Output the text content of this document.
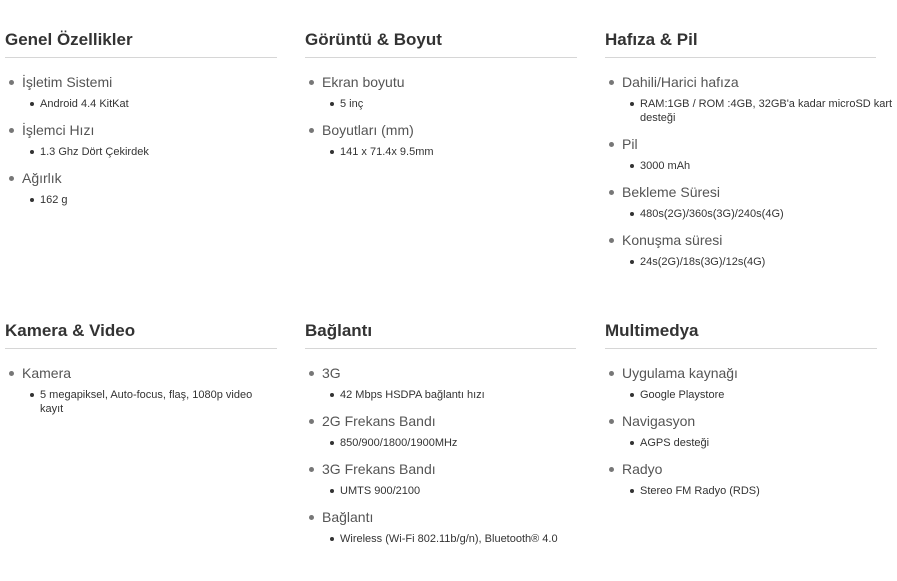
Genel Özellikler
İşletim Sistemi
Android 4.4 KitKat
İşlemci Hızı
1.3 Ghz Dört Çekirdek
Ağırlık
162 g
Görüntü & Boyut
Ekran boyutu
5 inç
Boyutları (mm)
141 x 71.4x 9.5mm
Hafıza & Pil
Dahili/Harici hafıza
RAM:1GB / ROM :4GB, 32GB'a kadar microSD kart desteği
Pil
3000 mAh
Bekleme Süresi
480s(2G)/360s(3G)/240s(4G)
Konuşma süresi
24s(2G)/18s(3G)/12s(4G)
Kamera & Video
Kamera
5 megapiksel, Auto-focus, flaş, 1080p video kayıt
Bağlantı
3G
42 Mbps HSDPA bağlantı hızı
2G Frekans Bandı
850/900/1800/1900MHz
3G Frekans Bandı
UMTS 900/2100
Bağlantı
Wireless (Wi-Fi 802.11b/g/n), Bluetooth® 4.0
Multimedya
Uygulama kaynağı
Google Playstore
Navigasyon
AGPS desteği
Radyo
Stereo FM Radyo (RDS)
